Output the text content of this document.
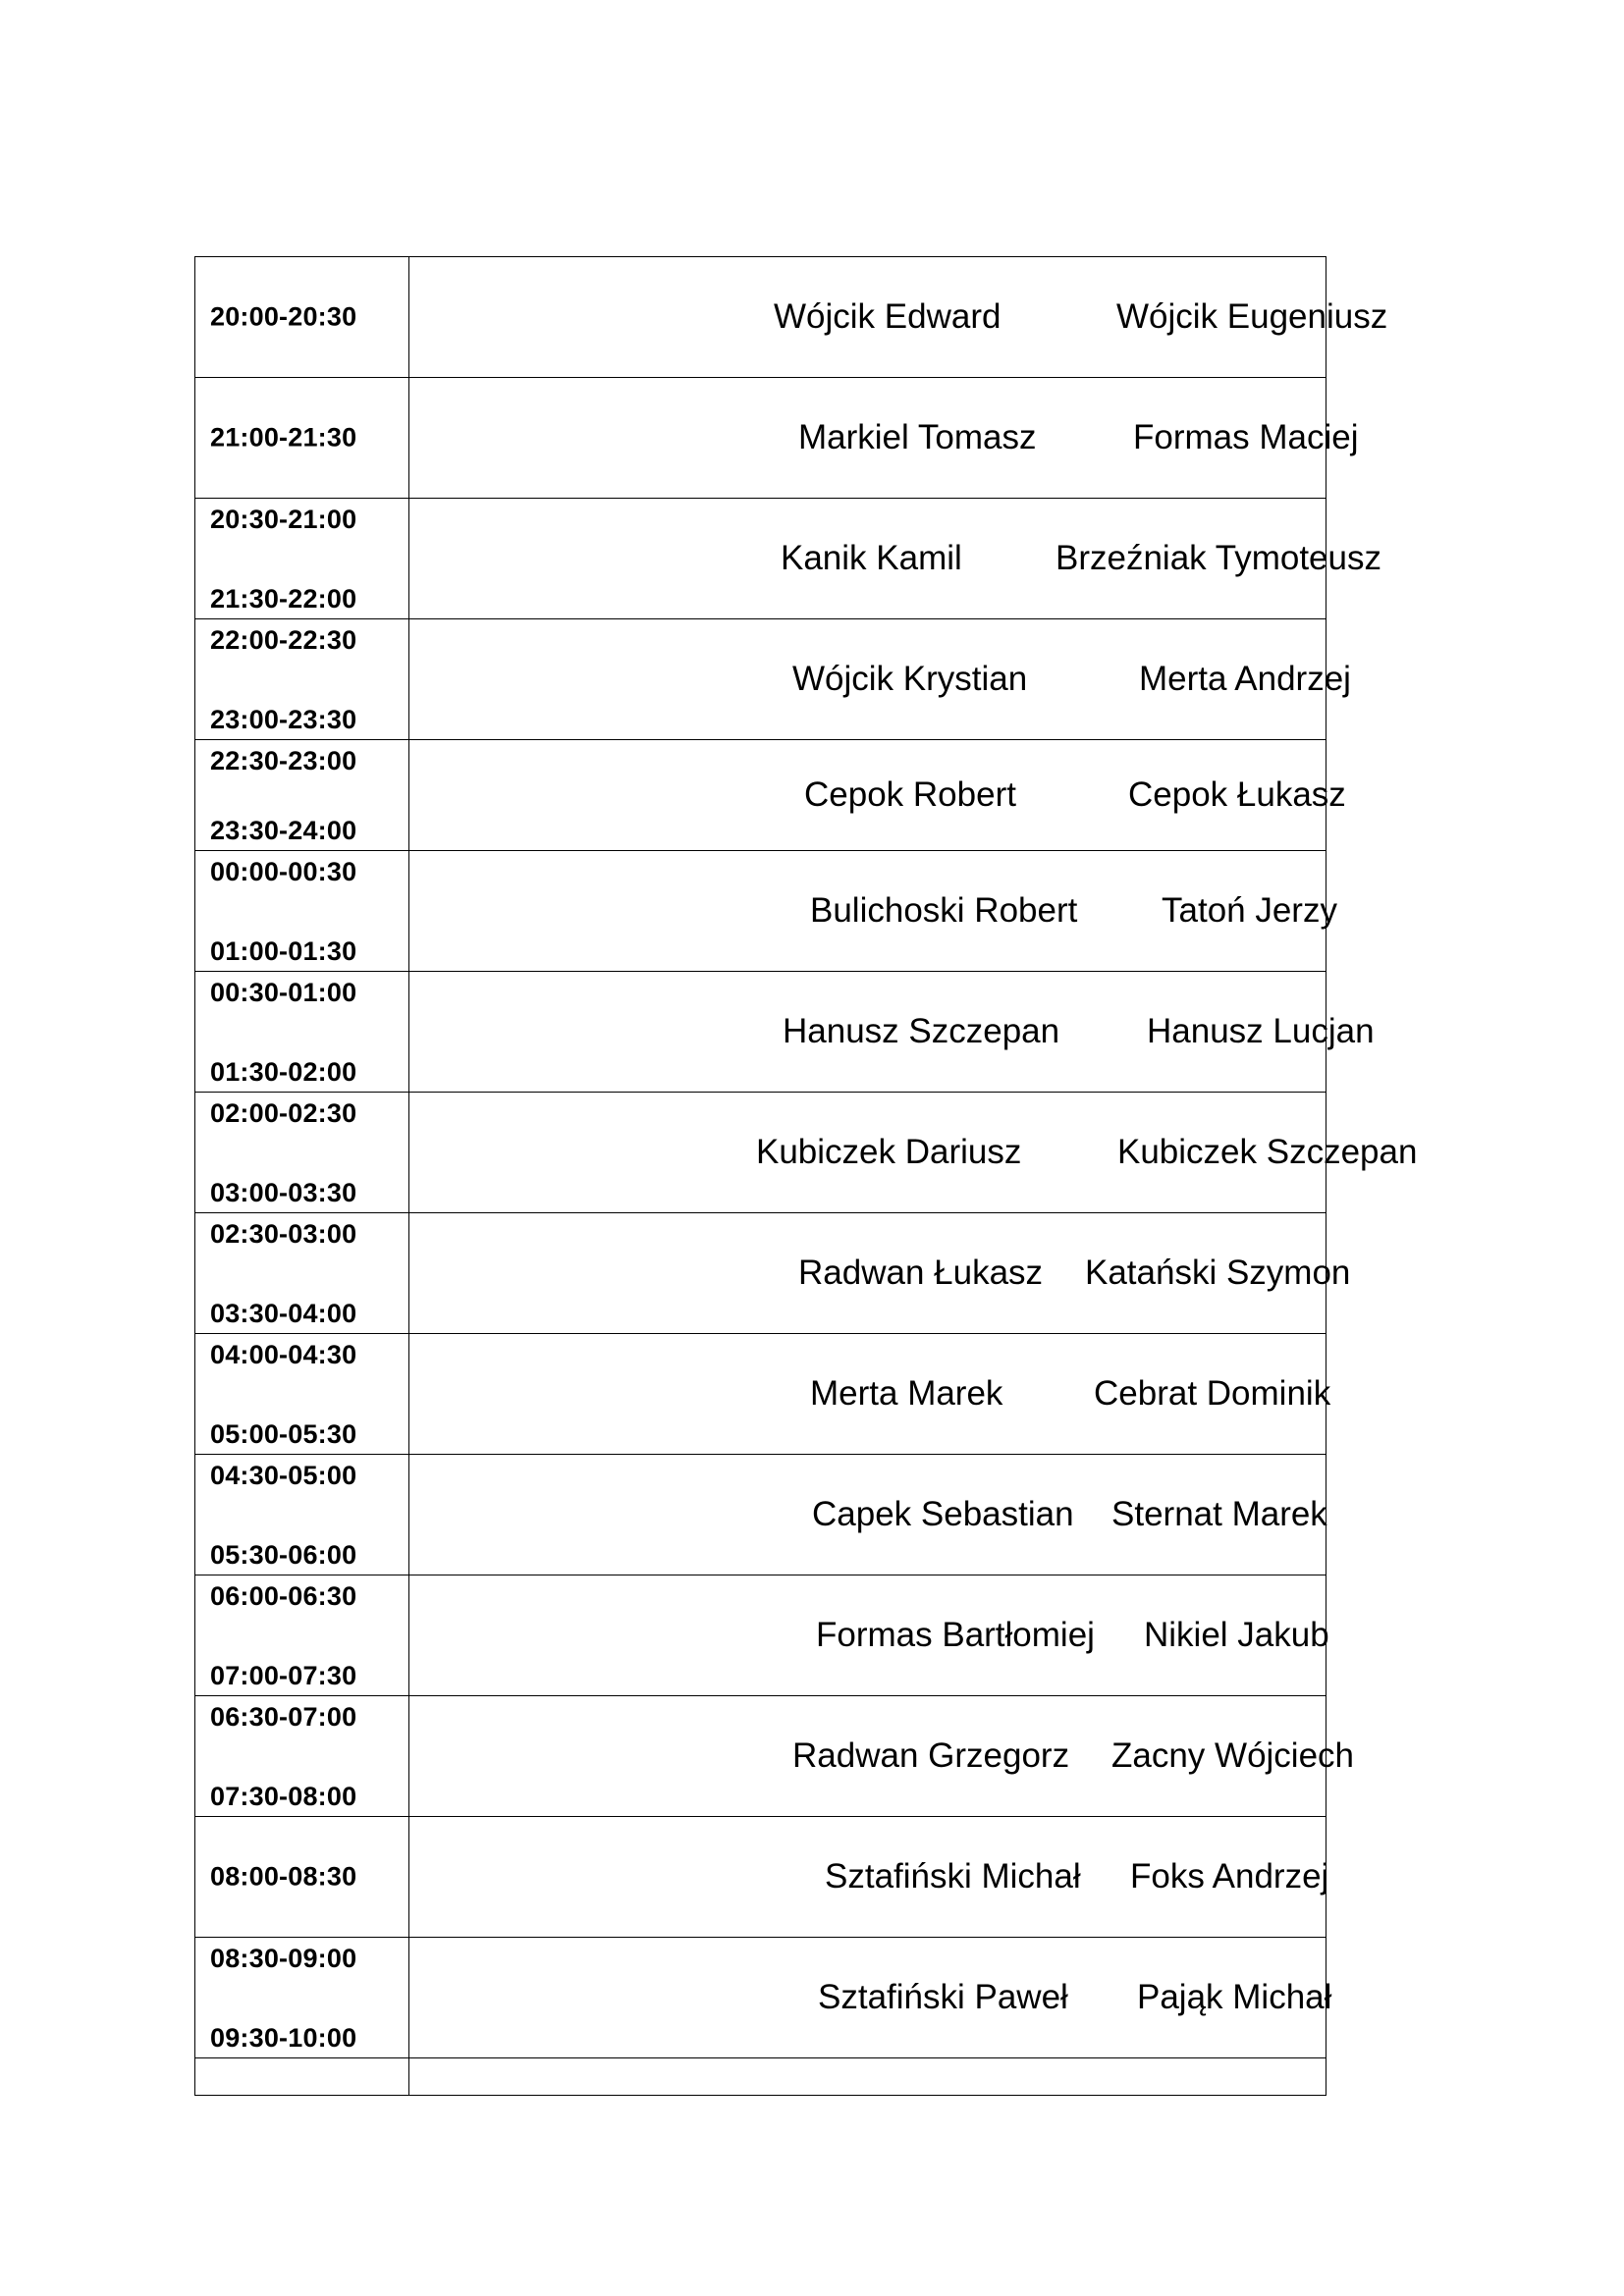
20:00-20:30	Wójcik Edward Wójcik Eugeniusz

21:00-21:30	Markiel Tomasz Formas Maciej

20:30-21:00
21:30-22:00	Kanik Kamil Brzeźniak Tymoteusz

22:00-22:30
23:00-23:30	Wójcik Krystian Merta Andrzej

22:30-23:00
23:30-24:00	Cepok Robert Cepok Łukasz

00:00-00:30
01:00-01:30	Bulichoski Robert Tatoń Jerzy

00:30-01:00
01:30-02:00	Hanusz Szczepan Hanusz Lucjan

02:00-02:30
03:00-03:30	Kubiczek Dariusz Kubiczek Szczepan

02:30-03:00
03:30-04:00	Radwan Łukasz Katański Szymon

04:00-04:30
05:00-05:30	Merta Marek Cebrat Dominik

04:30-05:00
05:30-06:00	Capek Sebastian Sternat Marek

06:00-06:30
07:00-07:30	Formas Bartłomiej Nikiel Jakub

06:30-07:00
07:30-08:00	Radwan Grzegorz Zacny Wójciech

08:00-08:30	Sztafiński Michał Foks Andrzej

08:30-09:00
09:30-10:00	Sztafiński Paweł Pająk Michał
